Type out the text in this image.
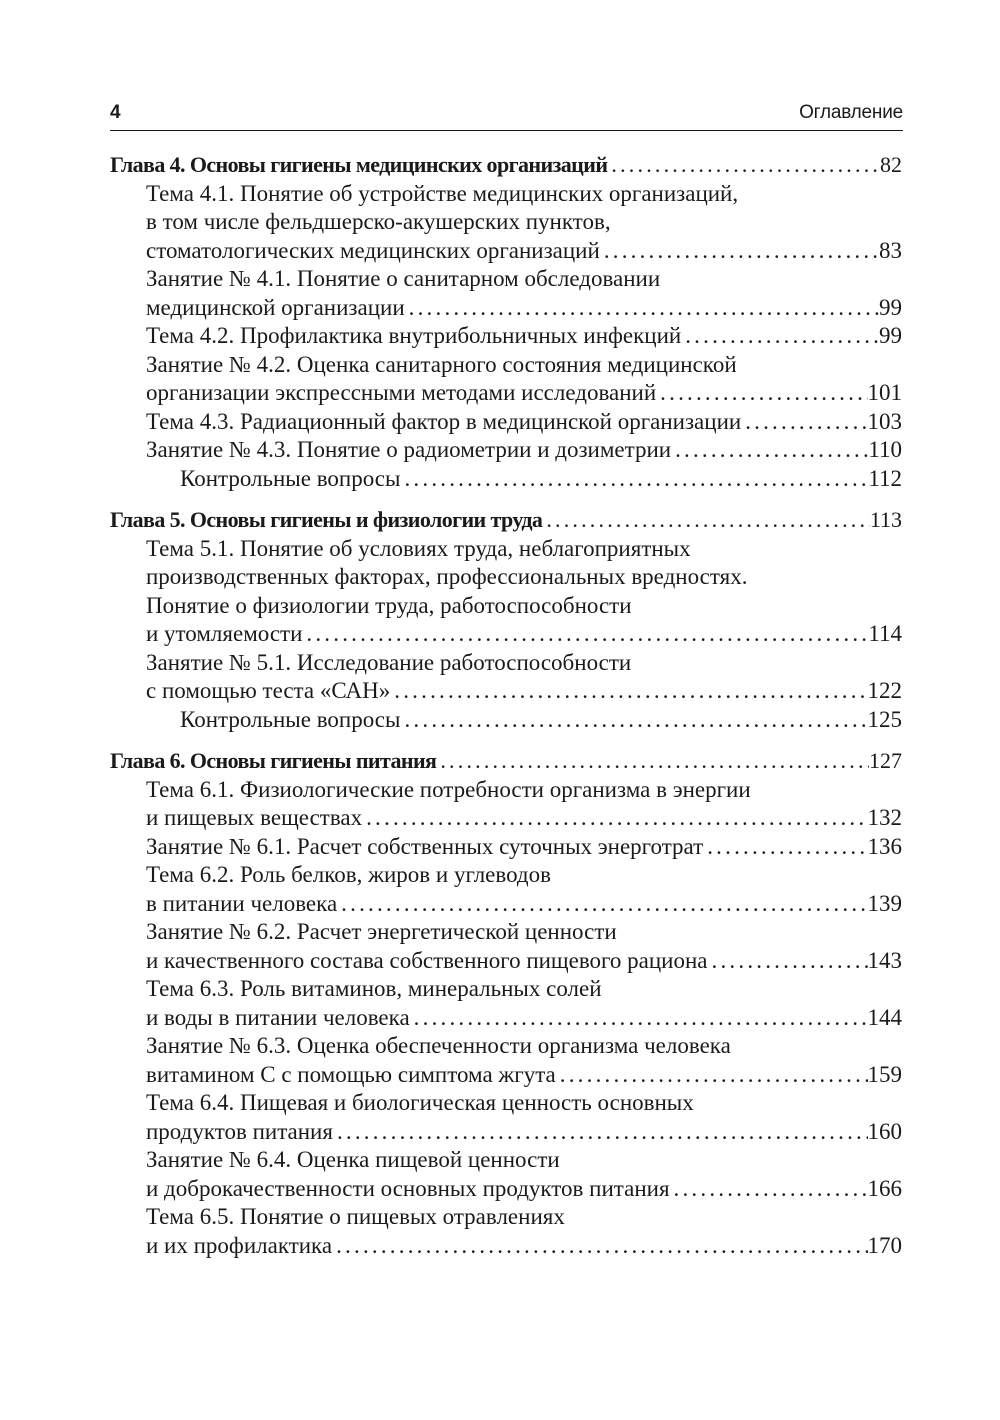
4	Оглавление
Глава 4. Основы гигиены медицинских организаций .....	82
Тема 4.1. Понятие об устройстве медицинских организаций,
в том числе фельдшерско-акушерских пунктов,
стоматологических медицинских организаций .....	83
Занятие № 4.1. Понятие о санитарном обследовании
медицинской организации .....	99
Тема 4.2. Профилактика внутрибольничных инфекций .....	99
Занятие № 4.2. Оценка санитарного состояния медицинской
организации экспрессными методами исследований .....	101
Тема 4.3. Радиационный фактор в медицинской организации .....	103
Занятие № 4.3. Понятие о радиометрии и дозиметрии .....	110
Контрольные вопросы .....	112
Глава 5. Основы гигиены и физиологии труда .....	113
Тема 5.1. Понятие об условиях труда, неблагоприятных
производственных факторах, профессиональных вредностях.
Понятие о физиологии труда, работоспособности
и утомляемости .....	114
Занятие № 5.1. Исследование работоспособности
с помощью теста «САН» .....	122
Контрольные вопросы .....	125
Глава 6. Основы гигиены питания .....	127
Тема 6.1. Физиологические потребности организма в энергии
и пищевых веществах .....	132
Занятие № 6.1. Расчет собственных суточных энерготрат .....	136
Тема 6.2. Роль белков, жиров и углеводов
в питании человека .....	139
Занятие № 6.2. Расчет энергетической ценности
и качественного состава собственного пищевого рациона .....	143
Тема 6.3. Роль витаминов, минеральных солей
и воды в питании человека .....	144
Занятие № 6.3. Оценка обеспеченности организма человека
витамином С с помощью симптома жгута .....	159
Тема 6.4. Пищевая и биологическая ценность основных
продуктов питания .....	160
Занятие № 6.4. Оценка пищевой ценности
и доброкачественности основных продуктов питания .....	166
Тема 6.5. Понятие о пищевых отравлениях
и их профилактика .....	170
